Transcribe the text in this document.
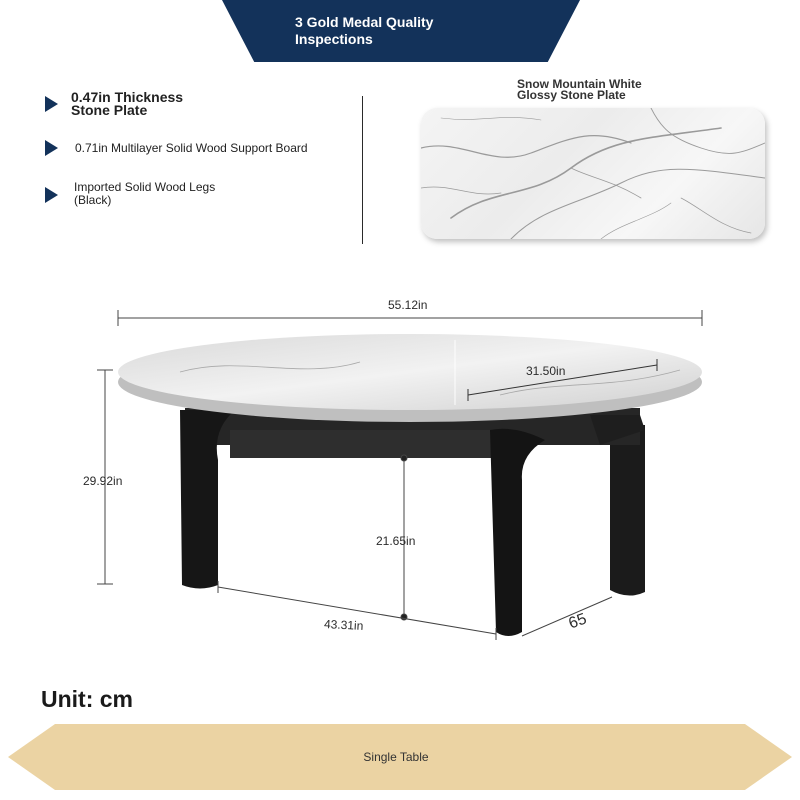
3 Gold Medal Quality
Inspections
0.47in Thickness
Stone Plate
0.71in Multilayer Solid Wood Support Board
Imported Solid Wood Legs
(Black)
Snow Mountain White
Glossy Stone Plate
55.12in
31.50in
29.92in
21.65in
43.31in	65
Unit: cm
Single Table
